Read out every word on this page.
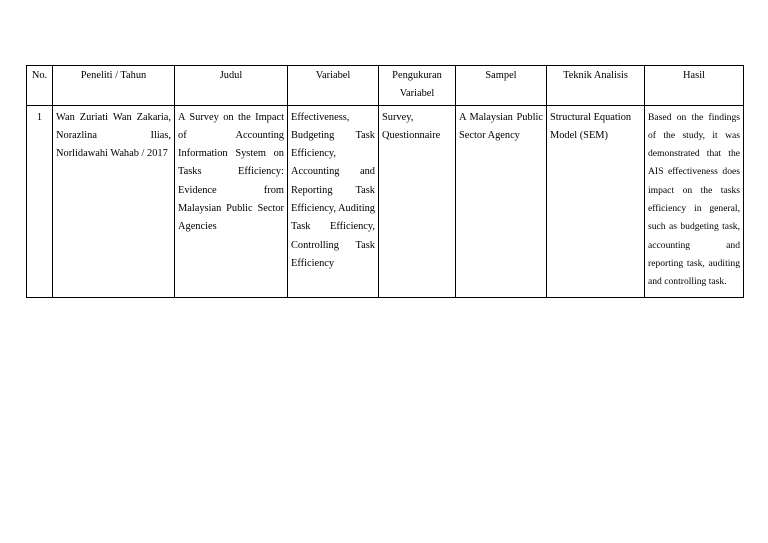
No.	Peneliti / Tahun	Judul	Variabel	Pengukuran Variabel	Sampel	Teknik Analisis	Hasil
1	Wan Zuriati Wan Zakaria, Norazlina Ilias, Norlidawahi Wahab / 2017	A Survey on the Impact of Accounting Information System on Tasks Efficiency: Evidence from Malaysian Public Sector Agencies	Effectiveness, Budgeting Task Efficiency, Accounting and Reporting Task Efficiency, Auditing Task Efficiency, Controlling Task Efficiency	Survey, Questionnaire	A Malaysian Public Sector Agency	Structural Equation Model (SEM)	Based on the findings of the study, it was demonstrated that the AIS effectiveness does impact on the tasks efficiency in general, such as budgeting task, accounting and reporting task, auditing and controlling task.
